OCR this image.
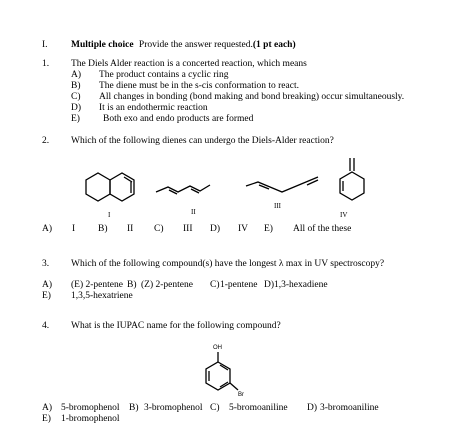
I. Multiple choice Provide the answer requested.(1 pt each)
1. The Diels Alder reaction is a concerted reaction, which means
A) The product contains a cyclic ring
B) The diene must be in the s-cis conformation to react.
C) All changes in bonding (bond making and bond breaking) occur simultaneously.
D) It is an endothermic reaction
E) Both exo and endo products are formed
2. Which of the following dienes can undergo the Diels-Alder reaction?
I	II
III
IV
A) I B) II C) III D) IV E) All of the these
3. Which of the following compound(s) have the longest λ max in UV spectroscopy?
A) (E) 2-pentene B) (Z) 2-pentene C) 1-pentene D) 1,3-hexadiene
E) 1,3,5-hexatriene
4. What is the IUPAC name for the following compound?
OH
Br
A) 5-bromophenol B) 3-bromophenol C) 5-bromoaniline D) 3-bromoaniline
E) 1-bromophenol
